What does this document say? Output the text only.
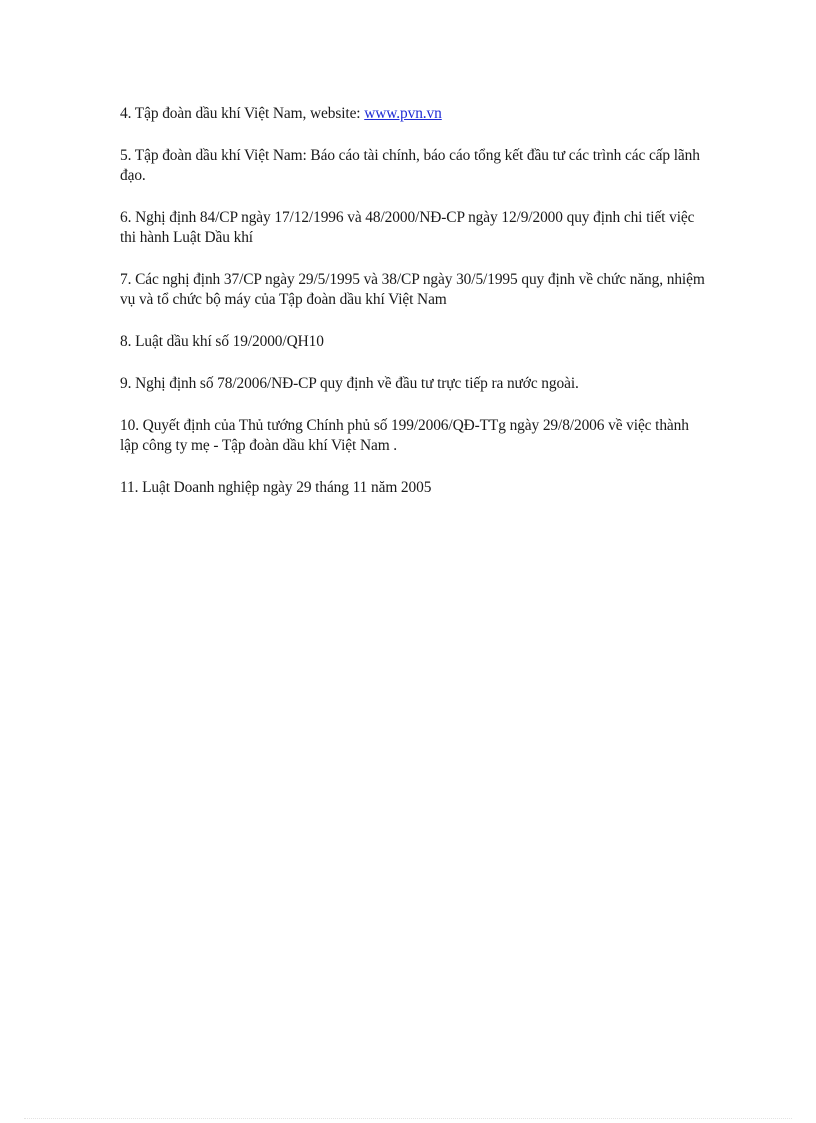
4. Tập đoàn dầu khí Việt Nam, website: www.pvn.vn

5. Tập đoàn dầu khí Việt Nam: Báo cáo tài chính, báo cáo tổng kết đầu tư các trình các cấp lãnh đạo.

6. Nghị định 84/CP ngày 17/12/1996 và 48/2000/NĐ-CP ngày 12/9/2000 quy định chi tiết việc thi hành Luật Dầu khí

7. Các nghị định 37/CP ngày 29/5/1995 và 38/CP ngày 30/5/1995 quy định về chức năng, nhiệm vụ và tổ chức bộ máy của Tập đoàn dầu khí Việt Nam

8. Luật dầu khí số 19/2000/QH10

9. Nghị định số 78/2006/NĐ-CP quy định về đầu tư trực tiếp ra nước ngoài.

10. Quyết định của Thủ tướng Chính phủ số 199/2006/QĐ-TTg ngày 29/8/2006 về việc thành lập công ty mẹ - Tập đoàn dầu khí Việt Nam .

11. Luật Doanh nghiệp ngày 29 tháng 11 năm 2005
